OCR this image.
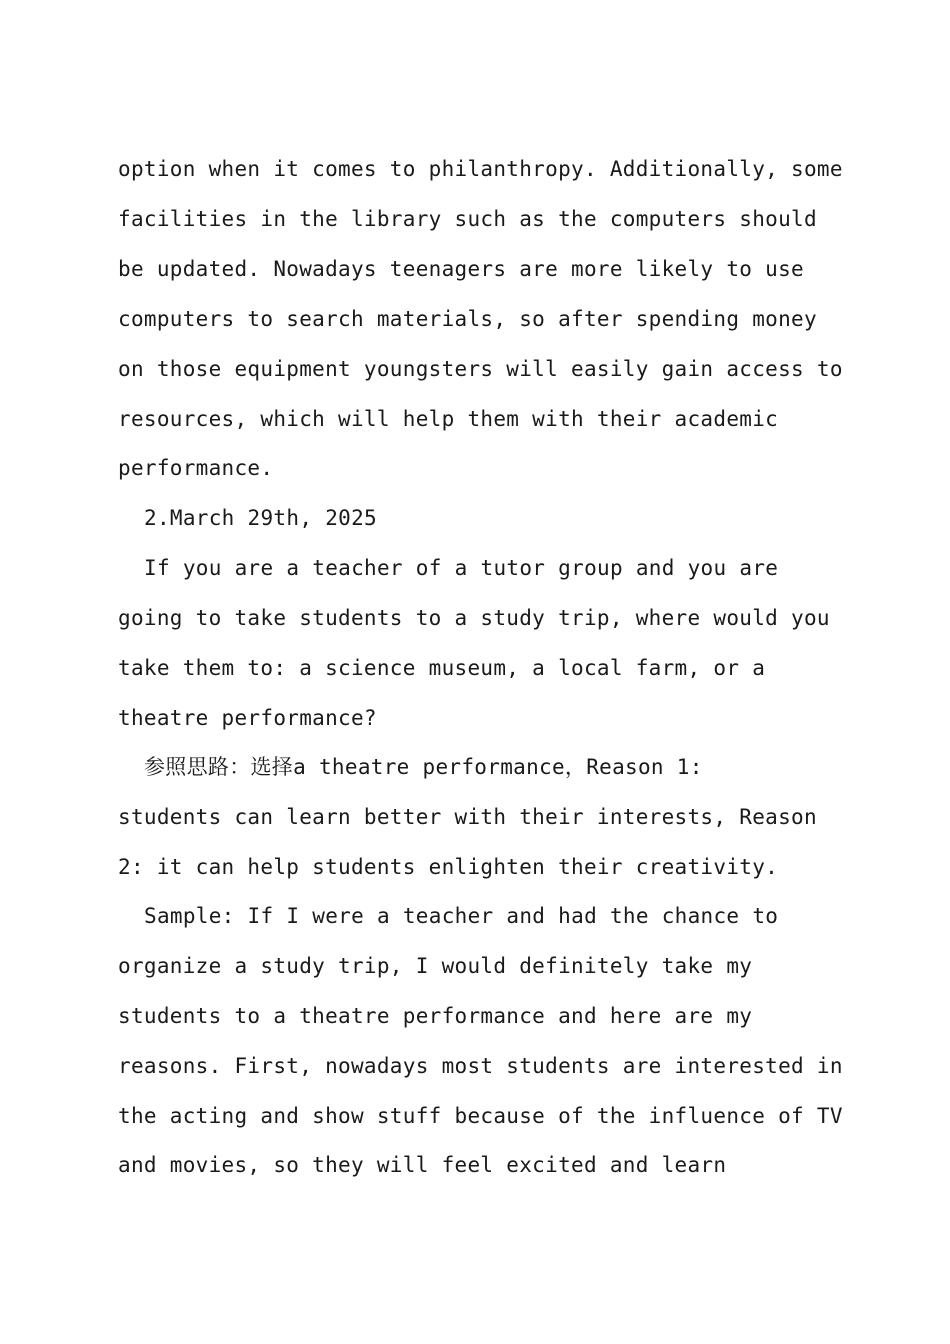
option when it comes to philanthropy. Additionally, some
facilities in the library such as the computers should
be updated. Nowadays teenagers are more likely to use
computers to search materials, so after spending money
on those equipment youngsters will easily gain access to
resources, which will help them with their academic
performance.
2.March 29th, 2025
If you are a teacher of a tutor group and you are
going to take students to a study trip, where would you
take them to: a science museum, a local farm, or a
theatre performance?
参照思路：选择a theatre performance，Reason 1:
students can learn better with their interests, Reason
2: it can help students enlighten their creativity.
Sample: If I were a teacher and had the chance to
organize a study trip, I would definitely take my
students to a theatre performance and here are my
reasons. First, nowadays most students are interested in
the acting and show stuff because of the influence of TV
and movies, so they will feel excited and learn
